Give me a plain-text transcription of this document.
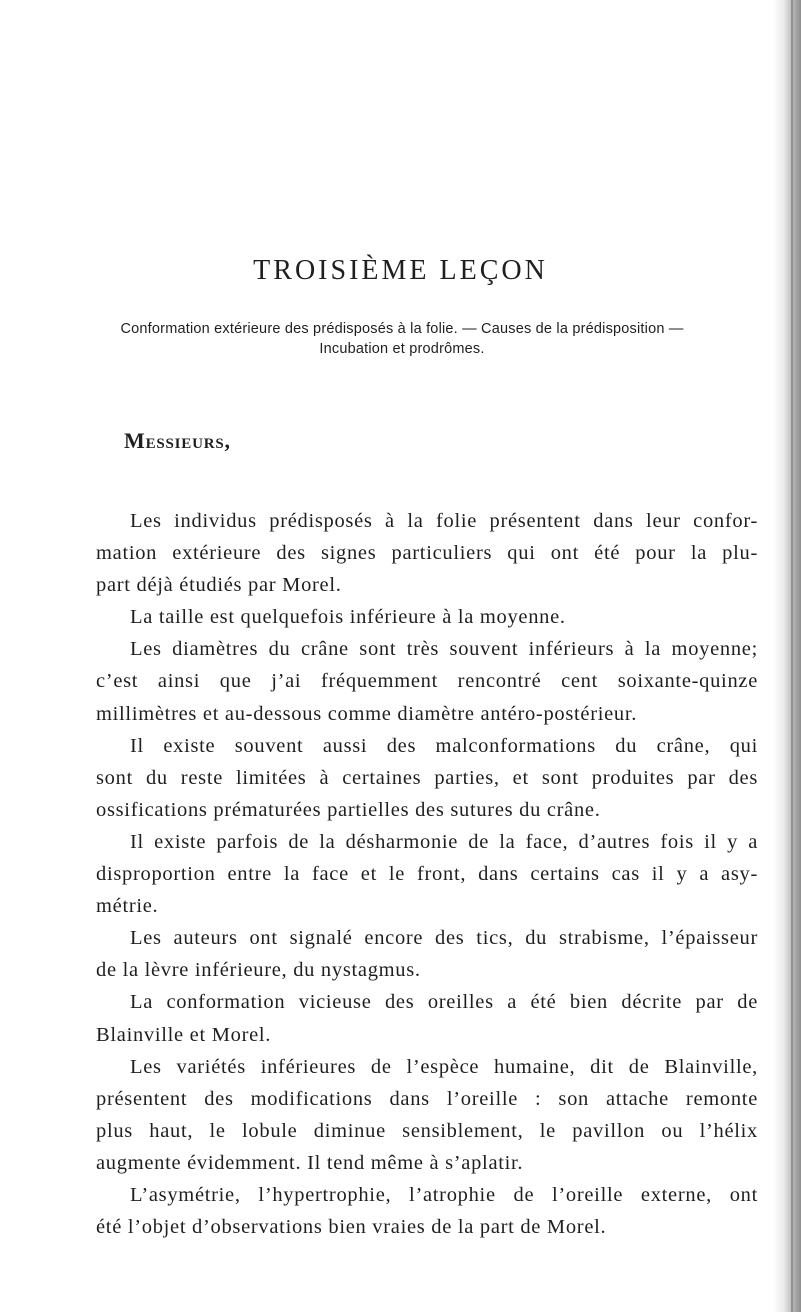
TROISIÈME LEÇON

Conformation extérieure des prédisposés à la folie. — Causes de la prédisposition — Incubation et prodrômes.

Messieurs,

Les individus prédisposés à la folie présentent dans leur confor-
mation extérieure des signes particuliers qui ont été pour la plu-
part déjà étudiés par Morel.
La taille est quelquefois inférieure à la moyenne.
Les diamètres du crâne sont très souvent inférieurs à la moyenne;
c’est ainsi que j’ai fréquemment rencontré cent soixante-quinze
millimètres et au-dessous comme diamètre antéro-postérieur.
Il existe souvent aussi des malconformations du crâne, qui
sont du reste limitées à certaines parties, et sont produites par des
ossifications prématurées partielles des sutures du crâne.
Il existe parfois de la désharmonie de la face, d’autres fois il y a
disproportion entre la face et le front, dans certains cas il y a asy-
métrie.
Les auteurs ont signalé encore des tics, du strabisme, l’épaisseur
de la lèvre inférieure, du nystagmus.
La conformation vicieuse des oreilles a été bien décrite par de
Blainville et Morel.
Les variétés inférieures de l’espèce humaine, dit de Blainville,
présentent des modifications dans l’oreille : son attache remonte
plus haut, le lobule diminue sensiblement, le pavillon ou l’hélix
augmente évidemment. Il tend même à s’aplatir.
L’asymétrie, l’hypertrophie, l’atrophie de l’oreille externe, ont
été l’objet d’observations bien vraies de la part de Morel.
